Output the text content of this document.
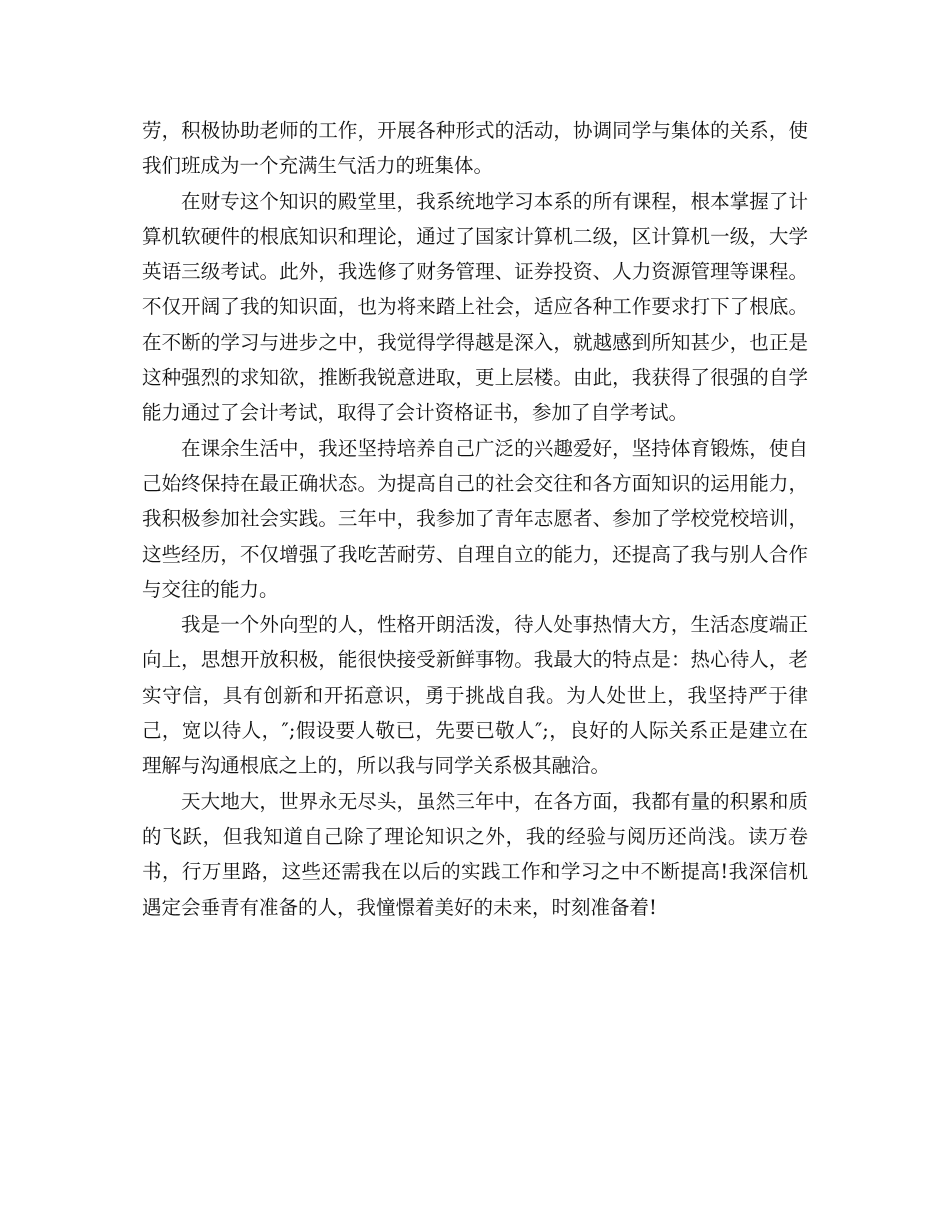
劳，积极协助老师的工作，开展各种形式的活动，协调同学与集体的关系，使我们班成为一个充满生气活力的班集体。

在财专这个知识的殿堂里，我系统地学习本系的所有课程，根本掌握了计算机软硬件的根底知识和理论，通过了国家计算机二级，区计算机一级，大学英语三级考试。此外，我选修了财务管理、证券投资、人力资源管理等课程。不仅开阔了我的知识面，也为将来踏上社会，适应各种工作要求打下了根底。在不断的学习与进步之中，我觉得学得越是深入，就越感到所知甚少，也正是这种强烈的求知欲，推断我锐意进取，更上层楼。由此，我获得了很强的自学能力通过了会计考试，取得了会计资格证书，参加了自学考试。

在课余生活中，我还坚持培养自己广泛的兴趣爱好，坚持体育锻炼，使自己始终保持在最正确状态。为提高自己的社会交往和各方面知识的运用能力，我积极参加社会实践。三年中，我参加了青年志愿者、参加了学校党校培训，这些经历，不仅增强了我吃苦耐劳、自理自立的能力，还提高了我与别人合作与交往的能力。

我是一个外向型的人，性格开朗活泼，待人处事热情大方，生活态度端正向上，思想开放积极，能很快接受新鲜事物。我最大的特点是：热心待人，老实守信，具有创新和开拓意识，勇于挑战自我。为人处世上，我坚持严于律己，宽以待人，″;假设要人敬已，先要已敬人″;，良好的人际关系正是建立在理解与沟通根底之上的，所以我与同学关系极其融洽。

天大地大，世界永无尽头，虽然三年中，在各方面，我都有量的积累和质的飞跃，但我知道自己除了理论知识之外，我的经验与阅历还尚浅。读万卷书，行万里路，这些还需我在以后的实践工作和学习之中不断提高!我深信机遇定会垂青有准备的人，我憧憬着美好的未来，时刻准备着!
